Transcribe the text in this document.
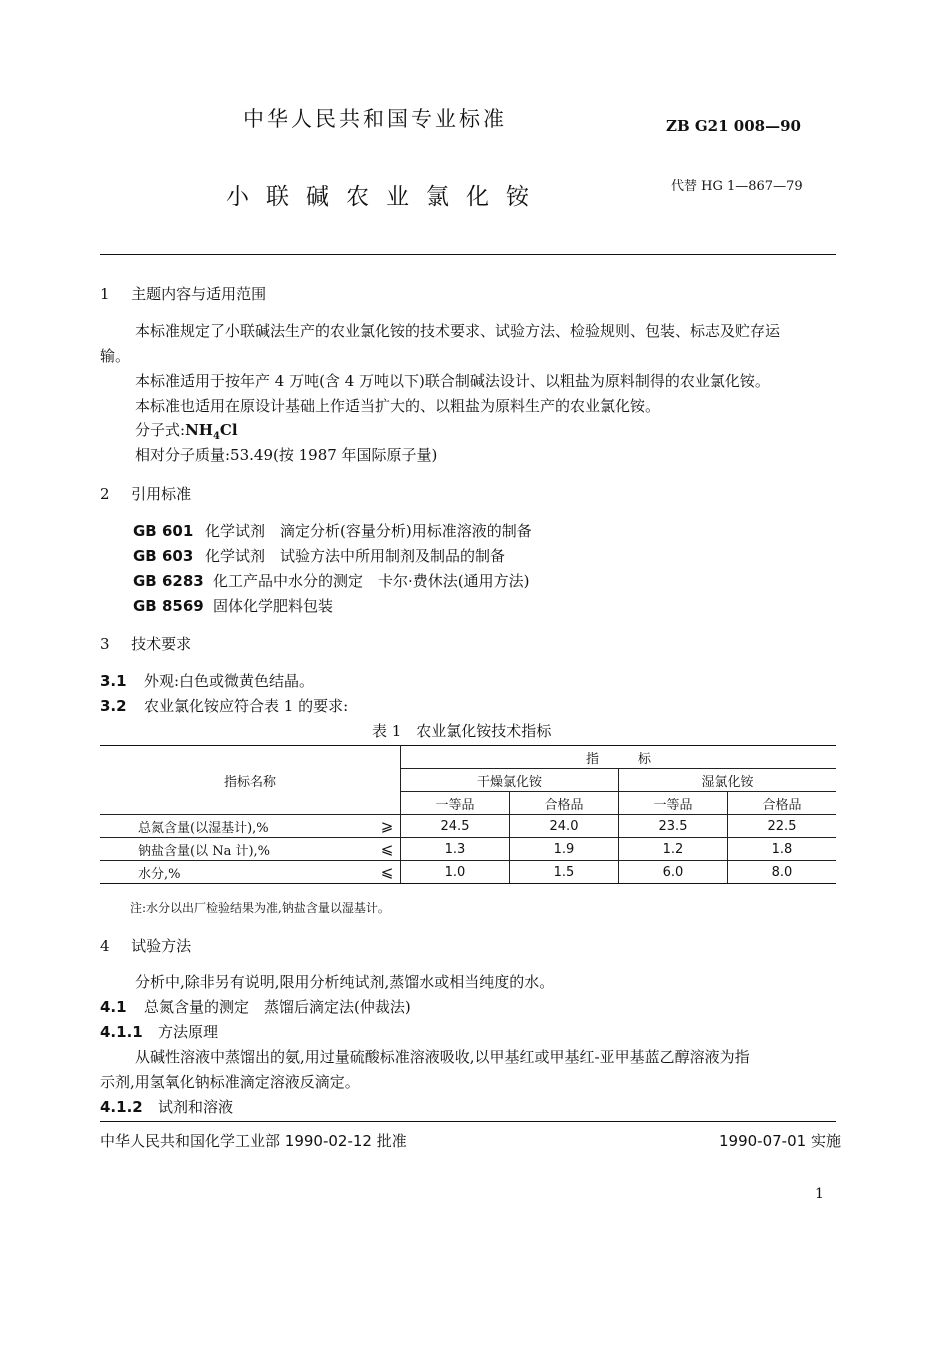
中华人民共和国专业标准	ZB G21 008—90
小联碱农业氯化铵	代替 HG 1—867—79
1 主题内容与适用范围
本标准规定了小联碱法生产的农业氯化铵的技术要求、试验方法、检验规则、包装、标志及贮存运
输。
本标准适用于按年产 4 万吨(含 4 万吨以下)联合制碱法设计、以粗盐为原料制得的农业氯化铵。
本标准也适用在原设计基础上作适当扩大的、以粗盐为原料生产的农业氯化铵。
分子式$:NH_4Cl$
相对分子质量:53.49(按 1987 年国际原子量)
2 引用标准
GB 601 化学试剂　滴定分析(容量分析)用标准溶液的制备
GB 603 化学试剂　试验方法中所用制剂及制品的制备
GB 6283 化工产品中水分的测定　卡尔·费休法(通用方法)
GB 8569 固体化学肥料包装
3 技术要求
3.1 外观:白色或微黄色结晶。
3.2 农业氯化铵应符合表 1 的要求:
表 1　农业氯化铵技术指标
指标名称		指　　　标			
		干燥氯化铵		湿氯化铵	
		一等品	合格品	一等品	合格品
总氮含量(以湿基计),%	⩾	24.5	24.0	23.5	22.5
钠盐含量(以 Na 计),%	⩽	1.3	1.9	1.2	1.8
水分,%	⩽	1.0	1.5	6.0	8.0
注:水分以出厂检验结果为准,钠盐含量以湿基计。
4 试验方法
分析中,除非另有说明,限用分析纯试剂,蒸馏水或相当纯度的水。
4.1 总氮含量的测定　蒸馏后滴定法(仲裁法)
4.1.1 方法原理
从碱性溶液中蒸馏出的氨,用过量硫酸标准溶液吸收,以甲基红或甲基红-亚甲基蓝乙醇溶液为指
示剂,用氢氧化钠标准滴定溶液反滴定。
4.1.2 试剂和溶液
中华人民共和国化学工业部 1990-02-12 批准	1990-07-01 实施
1
